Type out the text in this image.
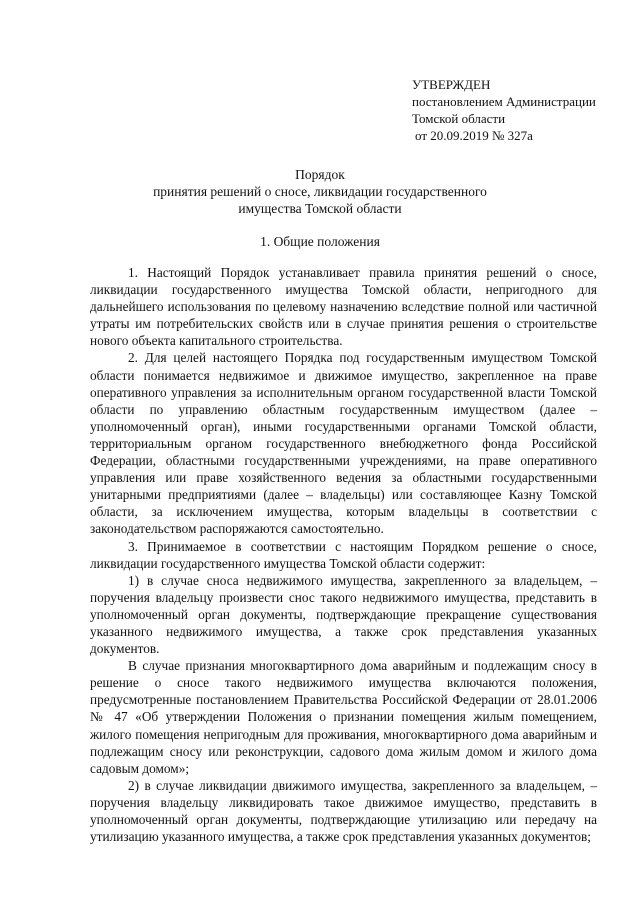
УТВЕРЖДЕН
постановлением Администрации
Томской области
от 20.09.2019 № 327а
Порядок
принятия решений о сносе, ликвидации государственного
имущества Томской области
1. Общие положения

1. Настоящий Порядок устанавливает правила принятия решений о сносе, ликвидации государственного имущества Томской области, непригодного для дальнейшего использования по целевому назначению вследствие полной или частичной утраты им потребительских свойств или в случае принятия решения о строительстве нового объекта капитального строительства.

2. Для целей настоящего Порядка под государственным имуществом Томской области понимается недвижимое и движимое имущество, закрепленное на праве оперативного управления за исполнительным органом государственной власти Томской области по управлению областным государственным имуществом (далее – уполномоченный орган), иными государственными органами Томской области, территориальным органом государственного внебюджетного фонда Российской Федерации, областными государственными учреждениями, на праве оперативного управления или праве хозяйственного ведения за областными государственными унитарными предприятиями (далее – владельцы) или составляющее Казну Томской области, за исключением имущества, которым владельцы в соответствии с законодательством распоряжаются самостоятельно.

3. Принимаемое в соответствии с настоящим Порядком решение о сносе, ликвидации государственного имущества Томской области содержит:

1) в случае сноса недвижимого имущества, закрепленного за владельцем, – поручения владельцу произвести снос такого недвижимого имущества, представить в уполномоченный орган документы, подтверждающие прекращение существования указанного недвижимого имущества, а также срок представления указанных документов.

В случае признания многоквартирного дома аварийным и подлежащим сносу в решение о сносе такого недвижимого имущества включаются положения, предусмотренные постановлением Правительства Российской Федерации от 28.01.2006 № 47 «Об утверждении Положения о признании помещения жилым помещением, жилого помещения непригодным для проживания, многоквартирного дома аварийным и подлежащим сносу или реконструкции, садового дома жилым домом и жилого дома садовым домом»;

2) в случае ликвидации движимого имущества, закрепленного за владельцем, – поручения владельцу ликвидировать такое движимое имущество, представить в уполномоченный орган документы, подтверждающие утилизацию или передачу на утилизацию указанного имущества, а также срок представления указанных документов;
